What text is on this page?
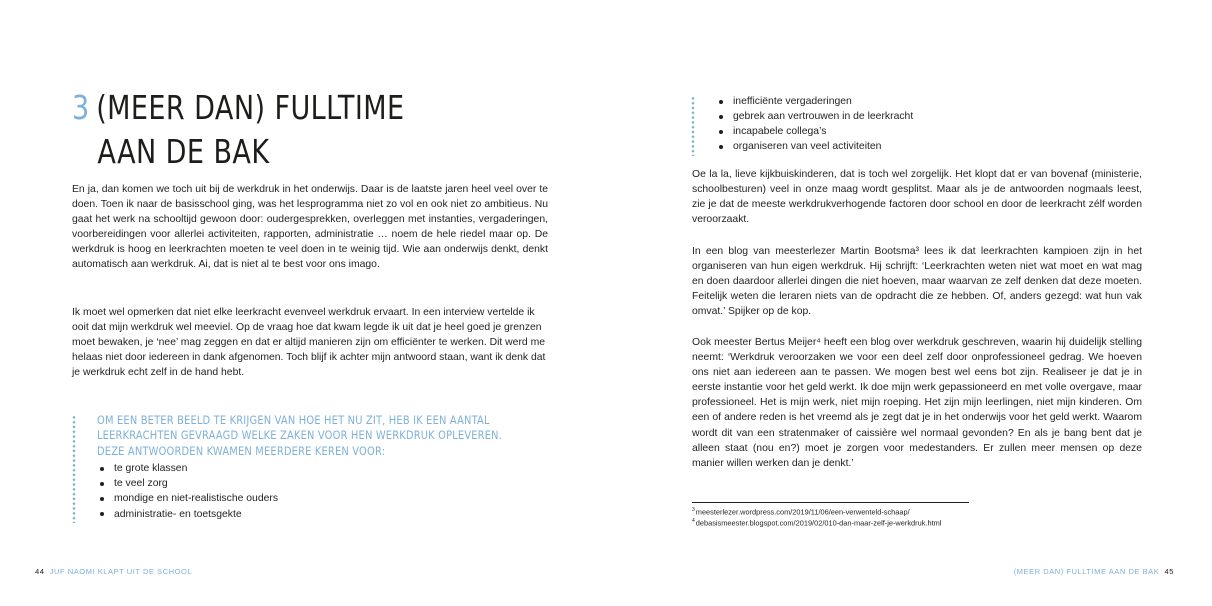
3 (MEER DAN) FULLTIME
AAN DE BAK

En ja, dan komen we toch uit bij de werkdruk in het onderwijs. Daar is de laatste jaren heel veel over te doen. Toen ik naar de basisschool ging, was het lesprogramma niet zo vol en ook niet zo ambitieus. Nu gaat het werk na schooltijd gewoon door: oudergesprekken, overleggen met instanties, vergaderingen, voorbereidingen voor allerlei activiteiten, rapporten, administratie … noem de hele riedel maar op. De werkdruk is hoog en leerkrachten moeten te veel doen in te weinig tijd. Wie aan onderwijs denkt, denkt automatisch aan werkdruk. Ai, dat is niet al te best voor ons imago.

Ik moet wel opmerken dat niet elke leerkracht evenveel werkdruk ervaart. In een interview vertelde ik ooit dat mijn werkdruk wel meeviel. Op de vraag hoe dat kwam legde ik uit dat je heel goed je grenzen moet bewaken, je ‘nee’ mag zeggen en dat er altijd manieren zijn om efficiënter te werken. Dit werd me helaas niet door iedereen in dank afgenomen. Toch blijf ik achter mijn antwoord staan, want ik denk dat je werkdruk echt zelf in de hand hebt.

OM EEN BETER BEELD TE KRIJGEN VAN HOE HET NU ZIT, HEB IK EEN AANTAL
LEERKRACHTEN GEVRAAGD WELKE ZAKEN VOOR HEN WERKDRUK OPLEVEREN.
DEZE ANTWOORDEN KWAMEN MEERDERE KEREN VOOR:
te grote klassen
te veel zorg
mondige en niet-realistische ouders
administratie- en toetsgekte
44 JUF NAOMI KLAPT UIT DE SCHOOL
inefficiënte vergaderingen
gebrek aan vertrouwen in de leerkracht
incapabele collega’s
organiseren van veel activiteiten

Oe la la, lieve kijkbuiskinderen, dat is toch wel zorgelijk. Het klopt dat er van bovenaf (ministerie, schoolbesturen) veel in onze maag wordt gesplitst. Maar als je de antwoorden nogmaals leest, zie je dat de meeste werkdrukverhogende factoren door school en door de leerkracht zélf worden veroorzaakt.

In een blog van meesterlezer Martin Bootsma³ lees ik dat leerkrachten kampioen zijn in het organiseren van hun eigen werkdruk. Hij schrijft: ‘Leerkrachten weten niet wat moet en wat mag en doen daardoor allerlei dingen die niet hoeven, maar waarvan ze zelf denken dat deze moeten. Feitelijk weten die leraren niets van de opdracht die ze hebben. Of, anders gezegd: wat hun vak omvat.’ Spijker op de kop.

Ook meester Bertus Meijer⁴ heeft een blog over werkdruk geschreven, waarin hij duidelijk stelling neemt: ‘Werkdruk veroorzaken we voor een deel zelf door onprofessioneel gedrag. We hoeven ons niet aan iedereen aan te passen. We mogen best wel eens bot zijn. Realiseer je dat je in eerste instantie voor het geld werkt. Ik doe mijn werk gepassioneerd en met volle overgave, maar professioneel. Het is mijn werk, niet mijn roeping. Het zijn mijn leerlingen, niet mijn kinderen. Om een of andere reden is het vreemd als je zegt dat je in het onderwijs voor het geld werkt. Waarom wordt dit van een stratenmaker of caissière wel normaal gevonden? En als je bang bent dat je alleen staat (nou en?) moet je zorgen voor medestanders. Er zullen meer mensen op deze manier willen werken dan je denkt.’

$^3$meesterlezer.wordpress.com/2019/11/06/een-verwenteld-schaap/
$^4$debasismeester.blogspot.com/2019/02/010-dan-maar-zelf-je-werkdruk.html
(MEER DAN) FULLTIME AAN DE BAK 45
